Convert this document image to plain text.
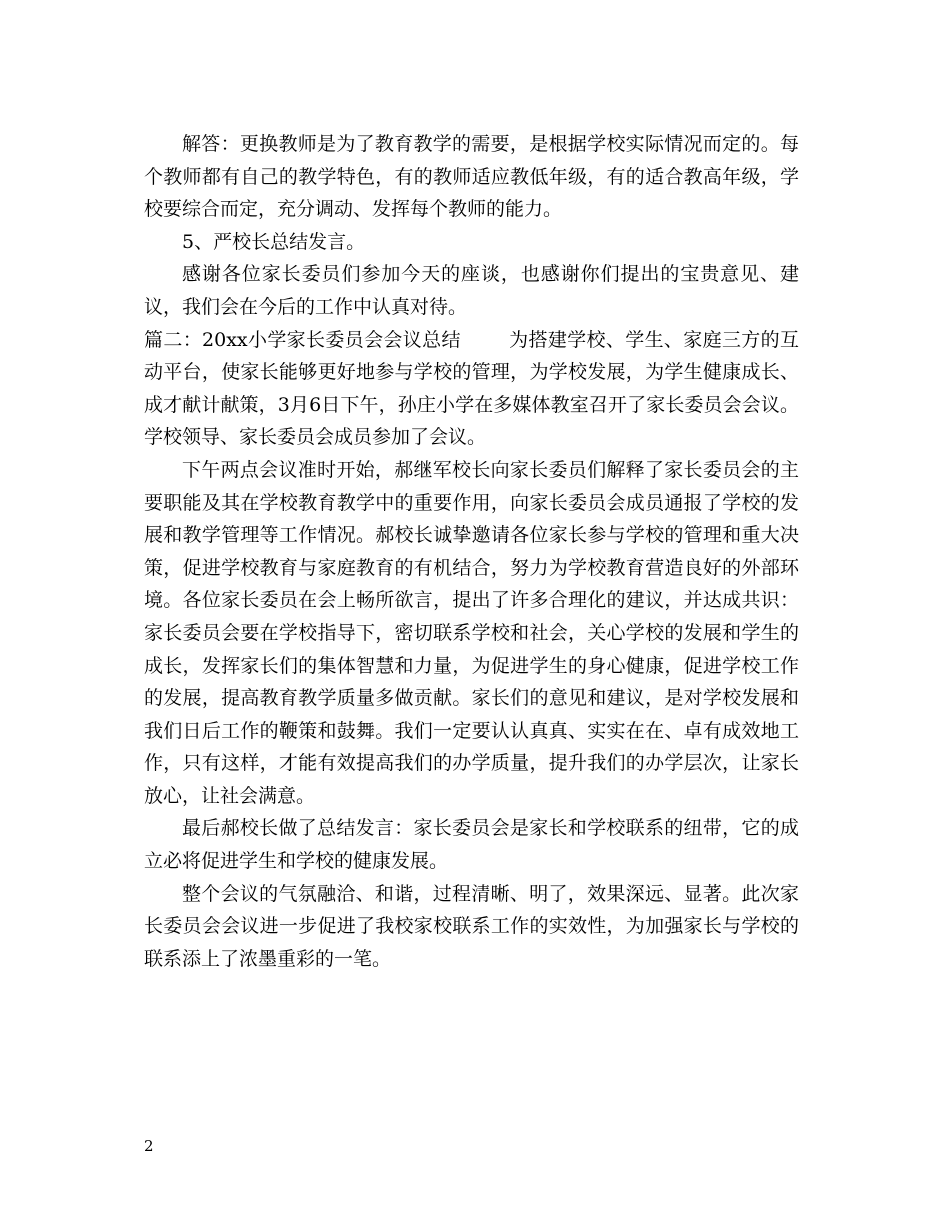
解答：更换教师是为了教育教学的需要，是根据学校实际情况而定的。每个教师都有自己的教学特色，有的教师适应教低年级，有的适合教高年级，学校要综合而定，充分调动、发挥每个教师的能力。

5、严校长总结发言。

感谢各位家长委员们参加今天的座谈，也感谢你们提出的宝贵意见、建议，我们会在今后的工作中认真对待。

篇二：20xx小学家长委员会会议总结	为搭建学校、学生、家庭三方的互动平台，使家长能够更好地参与学校的管理，为学校发展，为学生健康成长、成才献计献策，3月6日下午，孙庄小学在多媒体教室召开了家长委员会会议。学校领导、家长委员会成员参加了会议。

下午两点会议准时开始，郝继军校长向家长委员们解释了家长委员会的主要职能及其在学校教育教学中的重要作用，向家长委员会成员通报了学校的发展和教学管理等工作情况。郝校长诚挚邀请各位家长参与学校的管理和重大决策，促进学校教育与家庭教育的有机结合，努力为学校教育营造良好的外部环境。各位家长委员在会上畅所欲言，提出了许多合理化的建议，并达成共识：家长委员会要在学校指导下，密切联系学校和社会，关心学校的发展和学生的成长，发挥家长们的集体智慧和力量，为促进学生的身心健康，促进学校工作的发展，提高教育教学质量多做贡献。家长们的意见和建议，是对学校发展和我们日后工作的鞭策和鼓舞。我们一定要认认真真、实实在在、卓有成效地工作，只有这样，才能有效提高我们的办学质量，提升我们的办学层次，让家长放心，让社会满意。

最后郝校长做了总结发言：家长委员会是家长和学校联系的纽带，它的成立必将促进学生和学校的健康发展。

整个会议的气氛融洽、和谐，过程清晰、明了，效果深远、显著。此次家长委员会会议进一步促进了我校家校联系工作的实效性，为加强家长与学校的联系添上了浓墨重彩的一笔。

2
